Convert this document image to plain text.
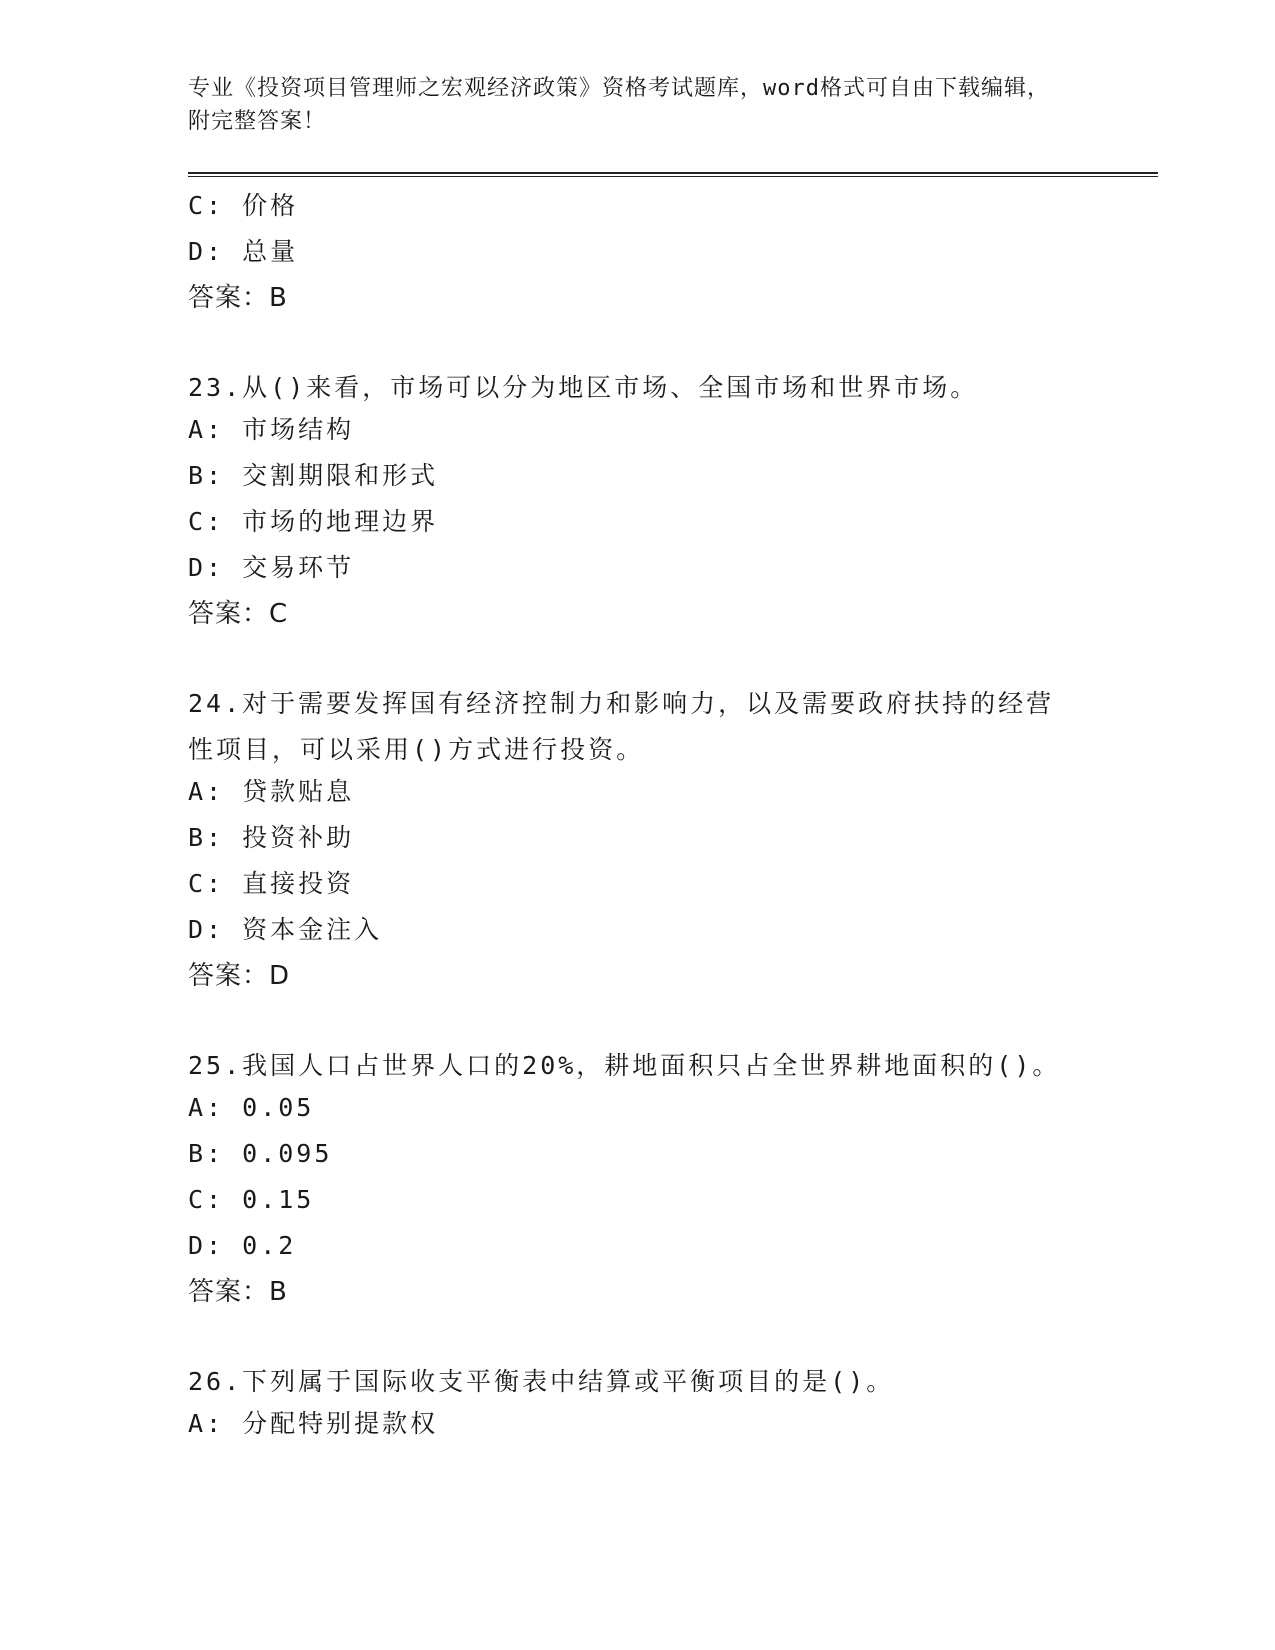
专业《投资项目管理师之宏观经济政策》资格考试题库，word格式可自由下载编辑，附完整答案！
C: 价格
D: 总量
答案：B
23.从()来看，市场可以分为地区市场、全国市场和世界市场。
A: 市场结构
B: 交割期限和形式
C: 市场的地理边界
D: 交易环节
答案：C
24.对于需要发挥国有经济控制力和影响力，以及需要政府扶持的经营性项目，可以采用()方式进行投资。
A: 贷款贴息
B: 投资补助
C: 直接投资
D: 资本金注入
答案：D
25.我国人口占世界人口的20%，耕地面积只占全世界耕地面积的()。
A: 0.05
B: 0.095
C: 0.15
D: 0.2
答案：B
26.下列属于国际收支平衡表中结算或平衡项目的是()。
A: 分配特别提款权
